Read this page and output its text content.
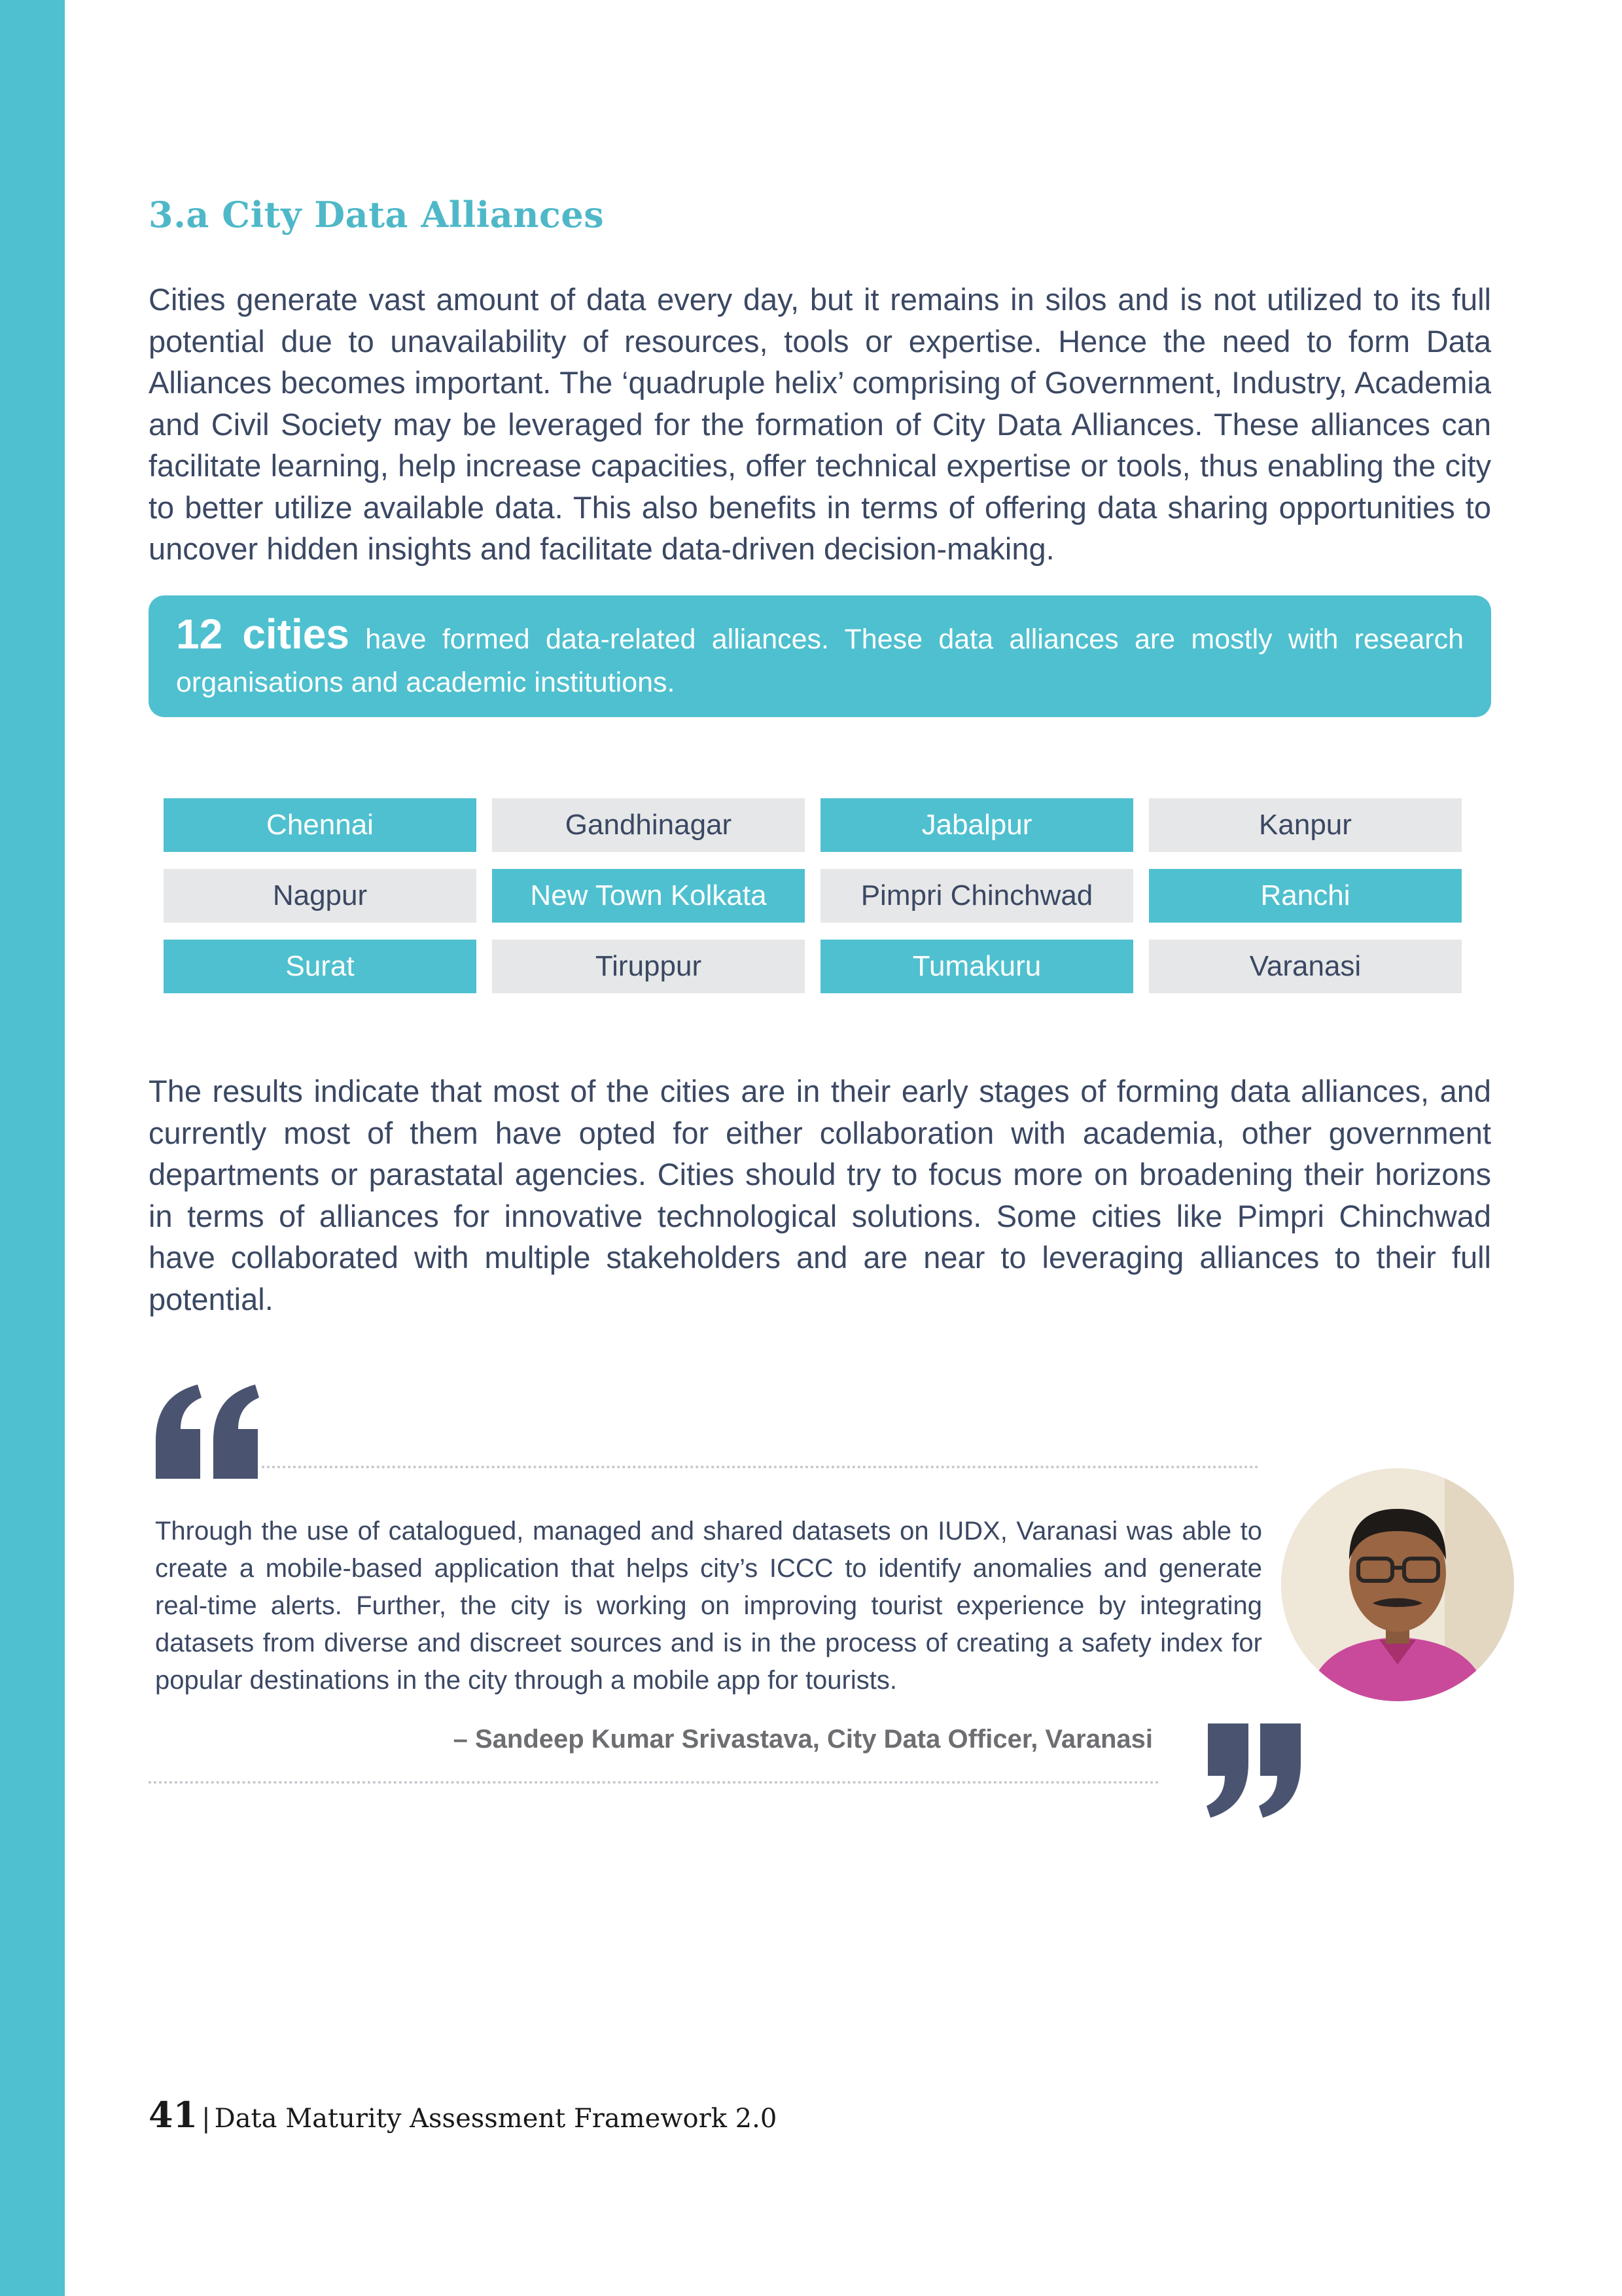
3.a City Data Alliances

Cities generate vast amount of data every day, but it remains in silos and is not utilized to its full potential due to unavailability of resources, tools or expertise. Hence the need to form Data Alliances becomes important. The ‘quadruple helix’ comprising of Government, Industry, Academia and Civil Society may be leveraged for the formation of City Data Alliances. These alliances can facilitate learning, help increase capacities, offer technical expertise or tools, thus enabling the city to better utilize available data. This also benefits in terms of offering data sharing opportunities to uncover hidden insights and facilitate data-driven decision-making.

12 cities have formed data-related alliances. These data alliances are mostly with research organisations and academic institutions.
Chennai	Gandhinagar	Jabalpur	Kanpur
Nagpur	New Town Kolkata	Pimpri Chinchwad	Ranchi
Surat	Tiruppur	Tumakuru	Varanasi

The results indicate that most of the cities are in their early stages of forming data alliances, and currently most of them have opted for either collaboration with academia, other government departments or parastatal agencies. Cities should try to focus more on broadening their horizons in terms of alliances for innovative technological solutions. Some cities like Pimpri Chinchwad have collaborated with multiple stakeholders and are near to leveraging alliances to their full potential.

Through the use of catalogued, managed and shared datasets on IUDX, Varanasi was able to create a mobile-based application that helps city’s ICCC to identify anomalies and generate real-time alerts. Further, the city is working on improving tourist experience by integrating datasets from diverse and discreet sources and is in the process of creating a safety index for popular destinations in the city through a mobile app for tourists.

– Sandeep Kumar Srivastava, City Data Officer, Varanasi

41 | Data Maturity Assessment Framework 2.0
